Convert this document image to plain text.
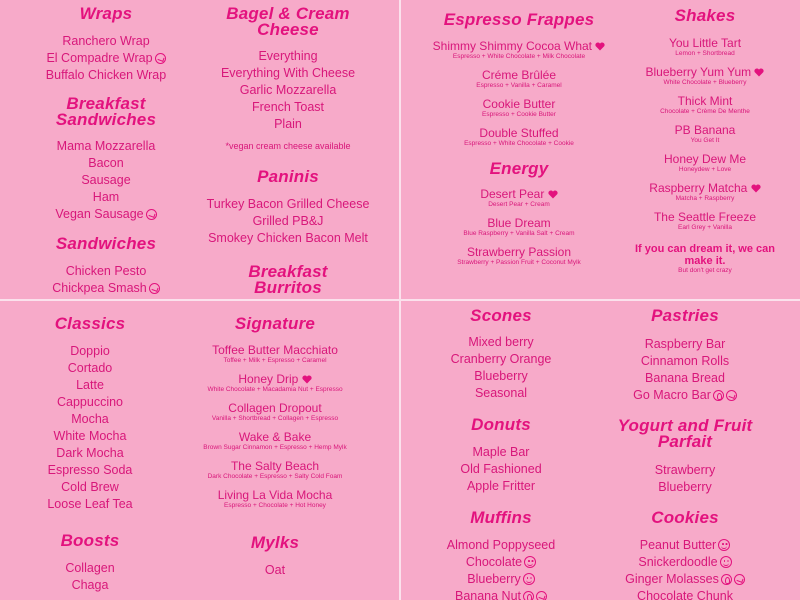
Wraps
Ranchero Wrap
El Compadre Wrap
Buffalo Chicken Wrap
Breakfast
Sandwiches
Mama Mozzarella
Bacon
Sausage
Ham
Vegan Sausage
Sandwiches
Chicken Pesto
Chickpea Smash
Bagel & Cream
Cheese
Everything
Everything With Cheese
Garlic Mozzarella
French Toast
Plain
*vegan cream cheese available
Paninis
Turkey Bacon Grilled Cheese
Grilled PB&J
Smokey Chicken Bacon Melt
Breakfast
Burritos
Espresso Frappes
Shimmy Shimmy Cocoa What
Espresso + White Chocolate + Milk Chocolate
Créme Brûlée
Espresso + Vanilla + Caramel
Cookie Butter
Espresso + Cookie Butter
Double Stuffed
Espresso + White Chocolate + Cookie
Energy
Desert Pear
Desert Pear + Cream
Blue Dream
Blue Raspberry + Vanilla Salt + Cream
Strawberry Passion
Strawberry + Passion Fruit + Coconut Mylk
Shakes
You Little Tart
Lemon + Shortbread
Blueberry Yum Yum
White Chocolate + Blueberry
Thick Mint
Chocolate + Crème De Menthe
PB Banana
You Get It
Honey Dew Me
Honeydew + Love
Raspberry Matcha
Matcha + Raspberry
The Seattle Freeze
Earl Grey + Vanilla
If you can dream it, we can make it.
But don't get crazy
Classics
Doppio
Cortado
Latte
Cappuccino
Mocha
White Mocha
Dark Mocha
Espresso Soda
Cold Brew
Loose Leaf Tea
Boosts
Collagen
Chaga
Signature
Toffee Butter Macchiato
Toffee + Milk + Espresso + Caramel
Honey Drip
White Chocolate + Macadamia Nut + Espresso
Collagen Dropout
Vanilla + Shortbread + Collagen + Espresso
Wake & Bake
Brown Sugar Cinnamon + Espresso + Hemp Mylk
The Salty Beach
Dark Chocolate + Espresso + Salty Cold Foam
Living La Vida Mocha
Espresso + Chocolate + Hot Honey
Mylks
Oat
Scones
Mixed berry
Cranberry Orange
Blueberry
Seasonal
Donuts
Maple Bar
Old Fashioned
Apple Fritter
Muffins
Almond Poppyseed
Chocolate
Blueberry
Banana Nut
Pastries
Raspberry Bar
Cinnamon Rolls
Banana Bread
Go Macro Bar
Yogurt and Fruit
Parfait
Strawberry
Blueberry
Cookies
Peanut Butter
Snickerdoodle
Ginger Molasses
Chocolate Chunk
